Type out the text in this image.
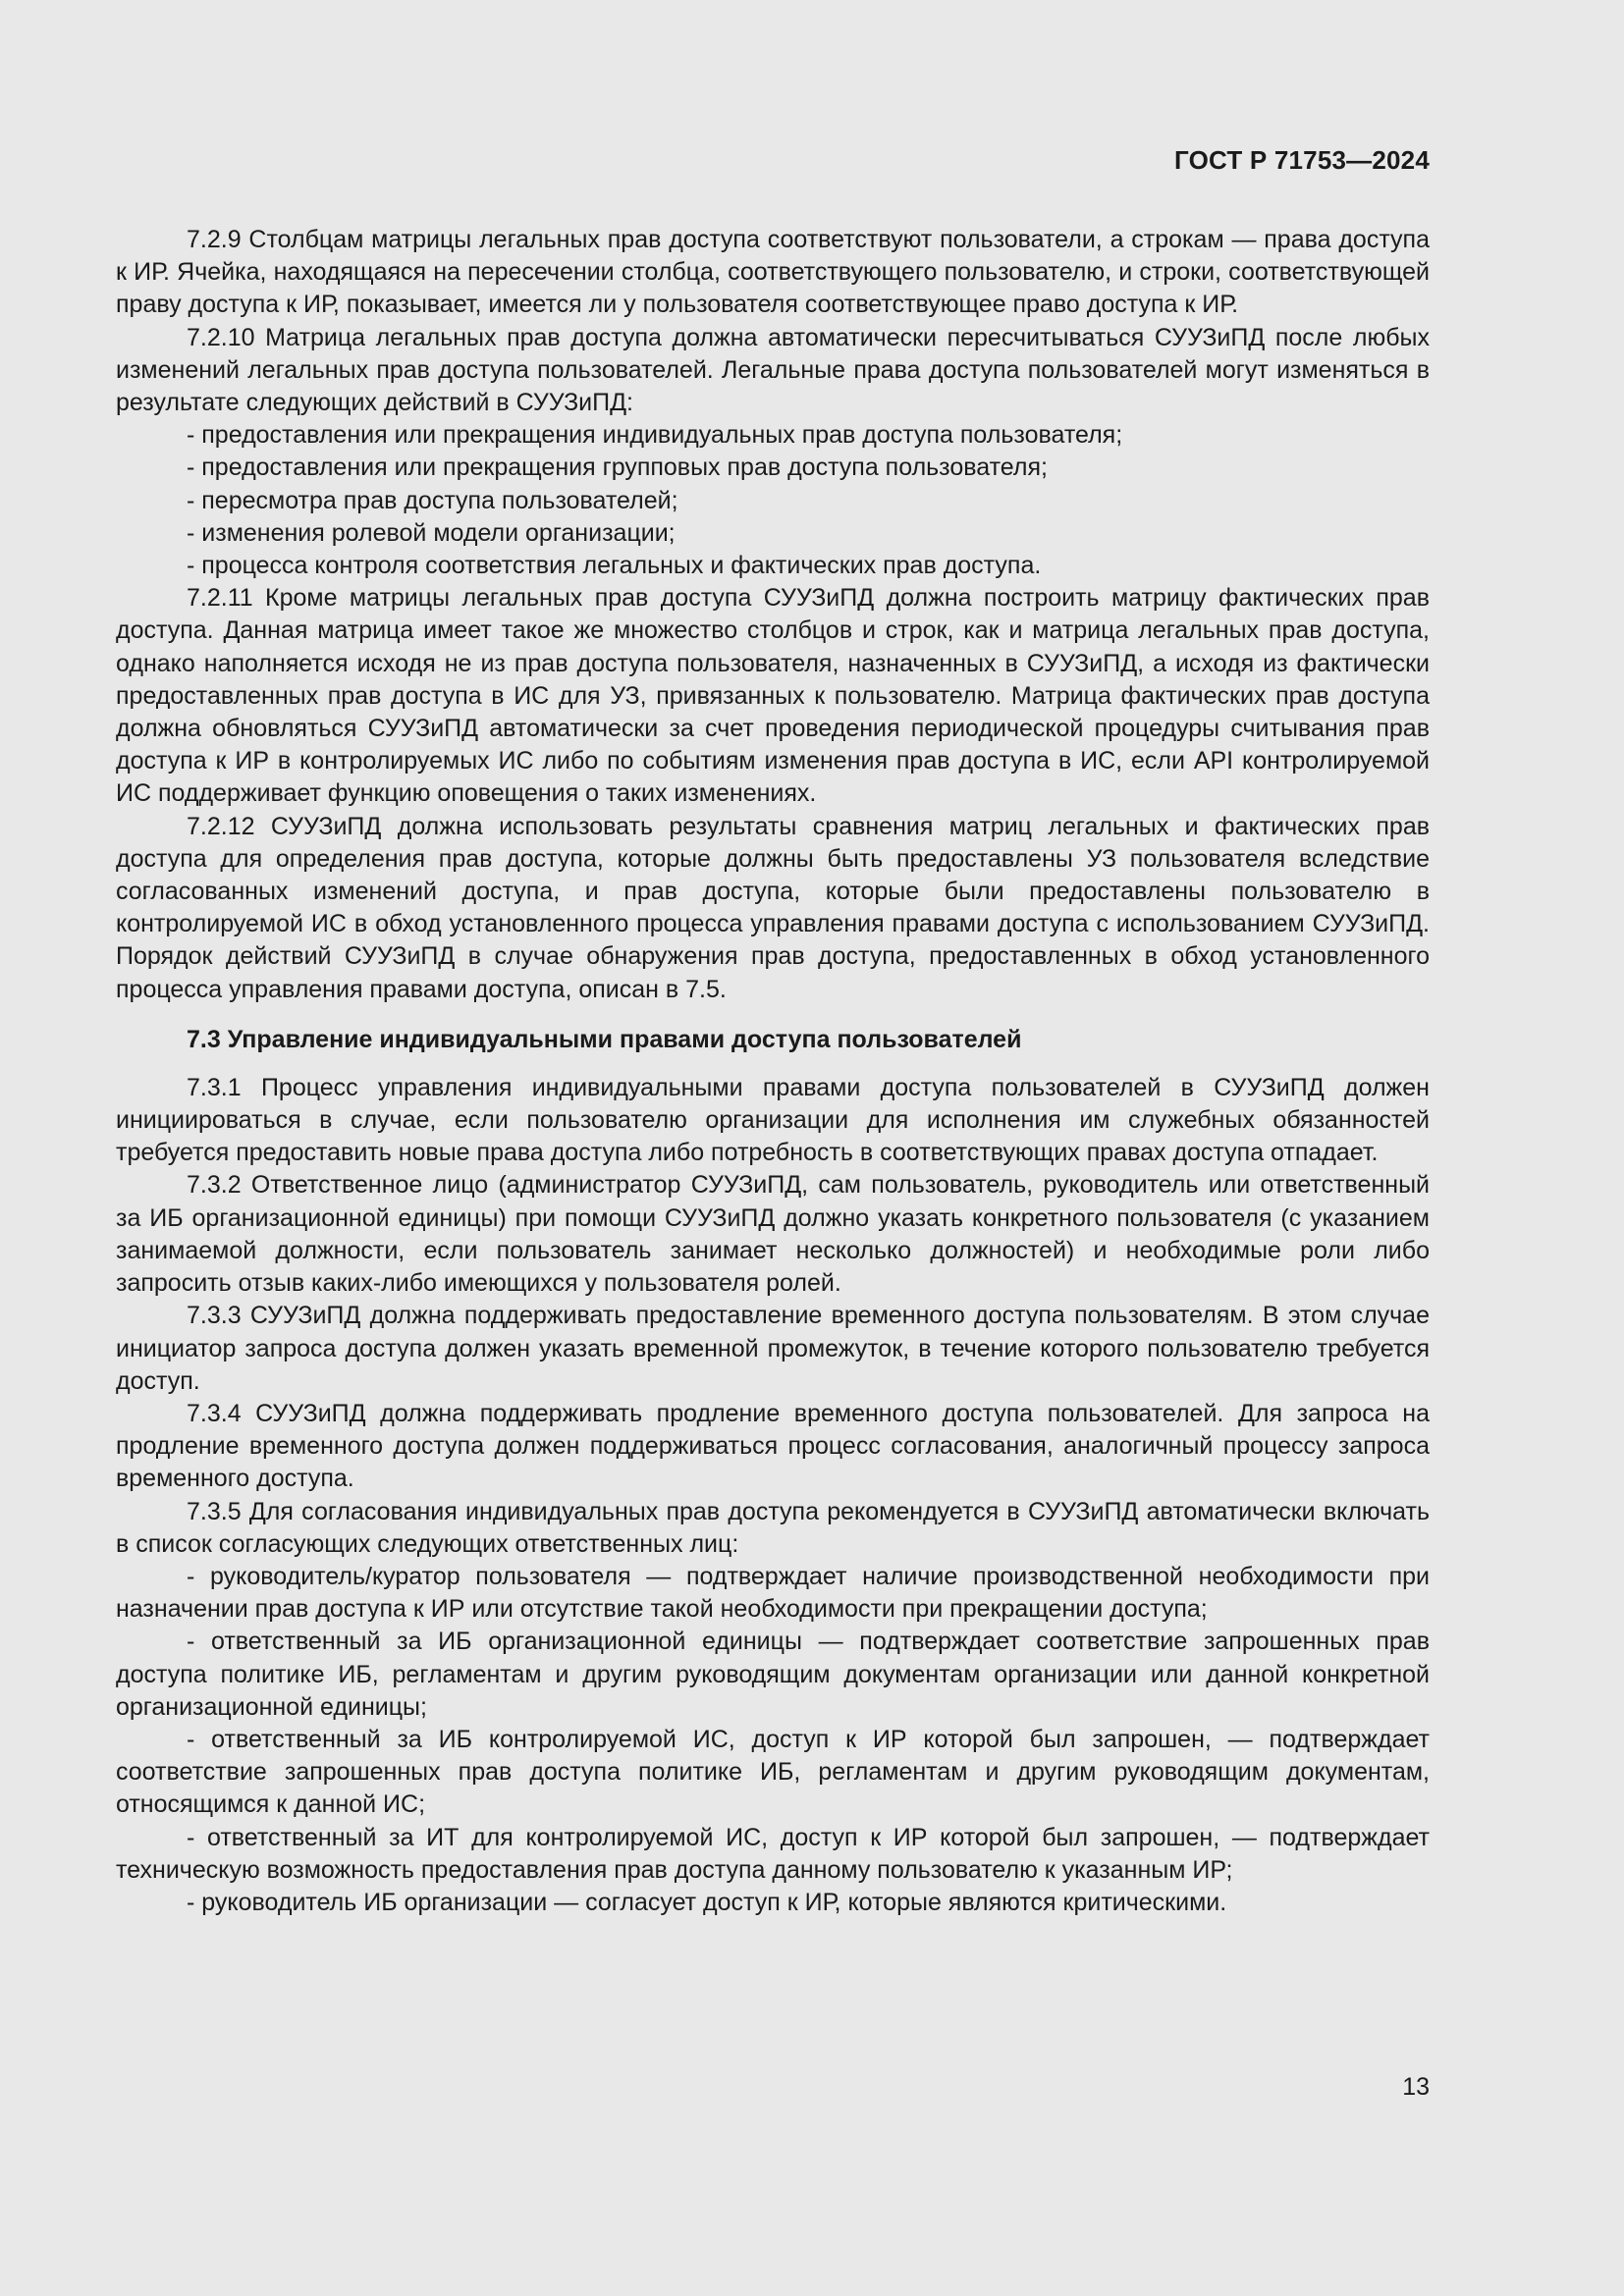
ГОСТ Р 71753—2024

7.2.9 Столбцам матрицы легальных прав доступа соответствуют пользователи, а строкам — права доступа к ИР. Ячейка, находящаяся на пересечении столбца, соответствующего пользователю, и строки, соответствующей праву доступа к ИР, показывает, имеется ли у пользователя соответствующее право доступа к ИР.

7.2.10 Матрица легальных прав доступа должна автоматически пересчитываться СУУЗиПД после любых изменений легальных прав доступа пользователей. Легальные права доступа пользователей могут изменяться в результате следующих действий в СУУЗиПД:

- предоставления или прекращения индивидуальных прав доступа пользователя;

- предоставления или прекращения групповых прав доступа пользователя;

- пересмотра прав доступа пользователей;

- изменения ролевой модели организации;

- процесса контроля соответствия легальных и фактических прав доступа.

7.2.11 Кроме матрицы легальных прав доступа СУУЗиПД должна построить матрицу фактических прав доступа. Данная матрица имеет такое же множество столбцов и строк, как и матрица легальных прав доступа, однако наполняется исходя не из прав доступа пользователя, назначенных в СУУЗиПД, а исходя из фактически предоставленных прав доступа в ИС для УЗ, привязанных к пользователю. Матрица фактических прав доступа должна обновляться СУУЗиПД автоматически за счет проведения периодической процедуры считывания прав доступа к ИР в контролируемых ИС либо по событиям изменения прав доступа в ИС, если API контролируемой ИС поддерживает функцию оповещения о таких изменениях.

7.2.12 СУУЗиПД должна использовать результаты сравнения матриц легальных и фактических прав доступа для определения прав доступа, которые должны быть предоставлены УЗ пользователя вследствие согласованных изменений доступа, и прав доступа, которые были предоставлены пользователю в контролируемой ИС в обход установленного процесса управления правами доступа с использованием СУУЗиПД. Порядок действий СУУЗиПД в случае обнаружения прав доступа, предоставленных в обход установленного процесса управления правами доступа, описан в 7.5.

7.3 Управление индивидуальными правами доступа пользователей

7.3.1 Процесс управления индивидуальными правами доступа пользователей в СУУЗиПД должен инициироваться в случае, если пользователю организации для исполнения им служебных обязанностей требуется предоставить новые права доступа либо потребность в соответствующих правах доступа отпадает.

7.3.2 Ответственное лицо (администратор СУУЗиПД, сам пользователь, руководитель или ответственный за ИБ организационной единицы) при помощи СУУЗиПД должно указать конкретного пользователя (с указанием занимаемой должности, если пользователь занимает несколько должностей) и необходимые роли либо запросить отзыв каких-либо имеющихся у пользователя ролей.

7.3.3 СУУЗиПД должна поддерживать предоставление временного доступа пользователям. В этом случае инициатор запроса доступа должен указать временной промежуток, в течение которого пользователю требуется доступ.

7.3.4 СУУЗиПД должна поддерживать продление временного доступа пользователей. Для запроса на продление временного доступа должен поддерживаться процесс согласования, аналогичный процессу запроса временного доступа.

7.3.5 Для согласования индивидуальных прав доступа рекомендуется в СУУЗиПД автоматически включать в список согласующих следующих ответственных лиц:

- руководитель/куратор пользователя — подтверждает наличие производственной необходимости при назначении прав доступа к ИР или отсутствие такой необходимости при прекращении доступа;

- ответственный за ИБ организационной единицы — подтверждает соответствие запрошенных прав доступа политике ИБ, регламентам и другим руководящим документам организации или данной конкретной организационной единицы;

- ответственный за ИБ контролируемой ИС, доступ к ИР которой был запрошен, — подтверждает соответствие запрошенных прав доступа политике ИБ, регламентам и другим руководящим документам, относящимся к данной ИС;

- ответственный за ИТ для контролируемой ИС, доступ к ИР которой был запрошен, — подтверждает техническую возможность предоставления прав доступа данному пользователю к указанным ИР;

- руководитель ИБ организации — согласует доступ к ИР, которые являются критическими.

13
